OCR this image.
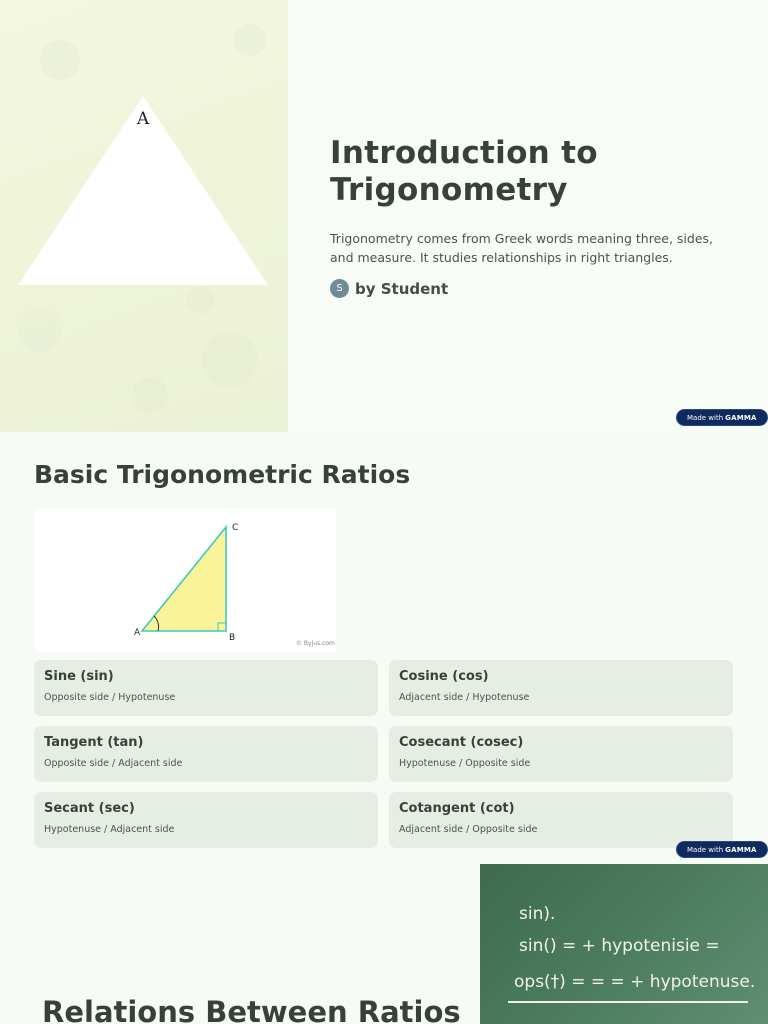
A
Introduction to
Trigonometry

Trigonometry comes from Greek words meaning three, sides, and measure. It studies relationships in right triangles.

S by Student
Made with GAMMA
Basic Trigonometric Ratios
C
A	B
© Byjus.com

Sine (sin)

Opposite side / Hypotenuse

Cosine (cos)

Adjacent side / Hypotenuse

Tangent (tan)

Opposite side / Adjacent side

Cosecant (cosec)

Hypotenuse / Opposite side

Secant (sec)

Hypotenuse / Adjacent side

Cotangent (cot)

Adjacent side / Opposite side

Made with GAMMA
sin).
sin() = + hypotenisie =
ops(†) = = = + hypotenuse.
Relations Between Ratios
